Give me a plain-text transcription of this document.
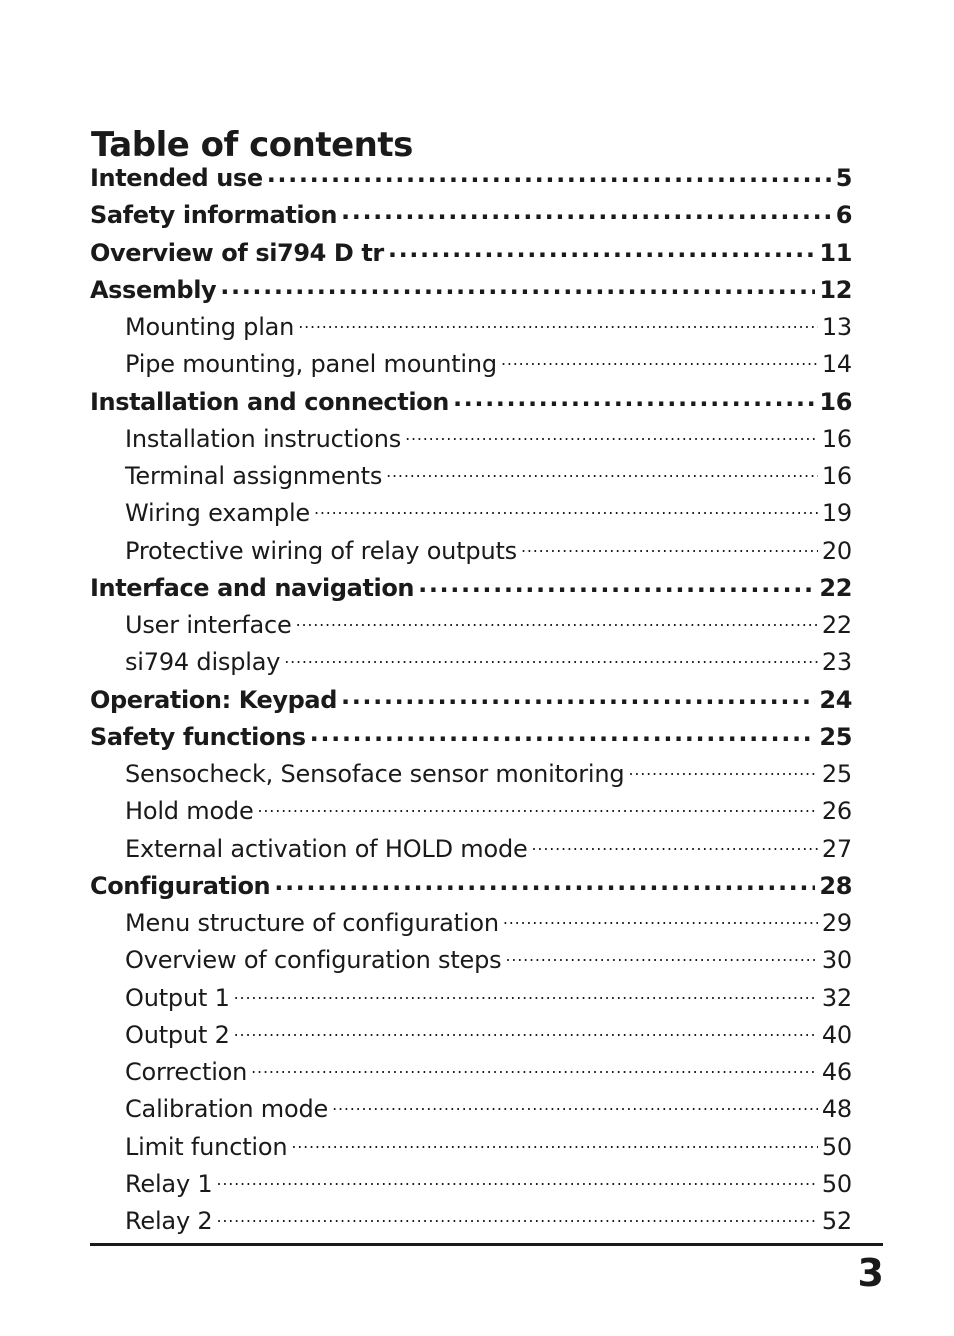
Table of contents
Intended use .....	5
Safety information .....	6
Overview of si794 D tr .....	11
Assembly .....	12
Mounting plan .....	13
Pipe mounting, panel mounting .....	14
Installation and connection .....	16
Installation instructions .....	16
Terminal assignments .....	16
Wiring example .....	19
Protective wiring of relay outputs .....	20
Interface and navigation .....	22
User interface .....	22
si794 display .....	23
Operation: Keypad .....	24
Safety functions .....	25
Sensocheck, Sensoface sensor monitoring .....	25
Hold mode .....	26
External activation of HOLD mode .....	27
Configuration .....	28
Menu structure of configuration .....	29
Overview of configuration steps .....	30
Output 1 .....	32
Output 2 .....	40
Correction .....	46
Calibration mode .....	48
Limit function .....	50
Relay 1 .....	50
Relay 2 .....	52
3
